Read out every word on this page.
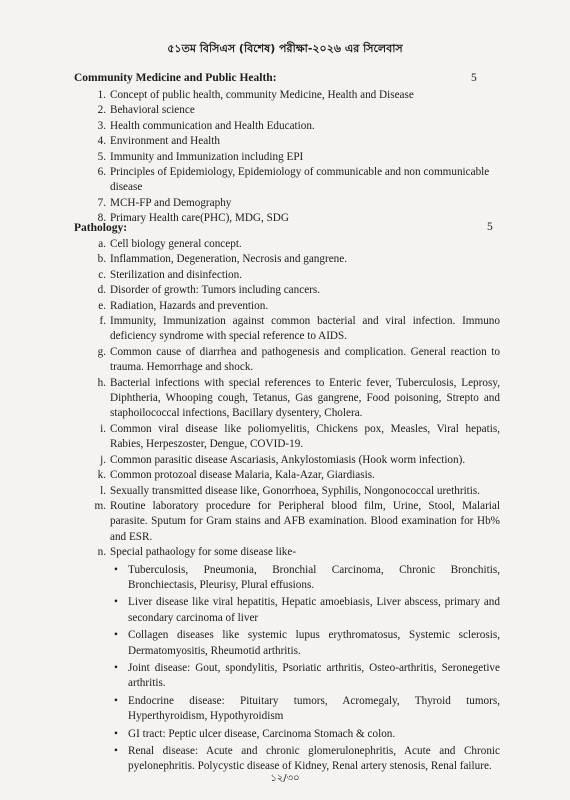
৫১তম বিসিএস (বিশেষ) পরীক্ষা-২০২৬ এর সিলেবাস
Community Medicine and Public Health:	5
1. Concept of public health, community Medicine, Health and Disease
2. Behavioral science
3. Health communication and Health Education.
4. Environment and Health
5. Immunity and Immunization including EPI
6. Principles of Epidemiology, Epidemiology of communicable and non communicable disease
7. MCH-FP and Demography
8. Primary Health care(PHC), MDG, SDG
Pathology:	5
a. Cell biology general concept.
b. Inflammation, Degeneration, Necrosis and gangrene.
c. Sterilization and disinfection.
d. Disorder of growth: Tumors including cancers.
e. Radiation, Hazards and prevention.
f. Immunity, Immunization against common bacterial and viral infection. Immuno deficiency syndrome with special reference to AIDS.
g. Common cause of diarrhea and pathogenesis and complication. General reaction to trauma. Hemorrhage and shock.
h. Bacterial infections with special references to Enteric fever, Tuberculosis, Leprosy, Diphtheria, Whooping cough, Tetanus, Gas gangrene, Food poisoning, Strepto and staphoilococcal infections, Bacillary dysentery, Cholera.
i. Common viral disease like poliomyelitis, Chickens pox, Measles, Viral hepatis, Rabies, Herpeszoster, Dengue, COVID-19.
j. Common parasitic disease Ascariasis, Ankylostomiasis (Hook worm infection).
k. Common protozoal disease Malaria, Kala-Azar, Giardiasis.
l. Sexually transmitted disease like, Gonorrhoea, Syphilis, Nongonococcal urethritis.
m. Routine laboratory procedure for Peripheral blood film, Urine, Stool, Malarial parasite. Sputum for Gram stains and AFB examination. Blood examination for Hb% and ESR.
n. Special pathaology for some disease like-
• Tuberculosis, Pneumonia, Bronchial Carcinoma, Chronic Bronchitis, Bronchiectasis, Pleurisy, Plural effusions.
• Liver disease like viral hepatitis, Hepatic amoebiasis, Liver abscess, primary and secondary carcinoma of liver
• Collagen diseases like systemic lupus erythromatosus, Systemic sclerosis, Dermatomyositis, Rheumotid arthritis.
• Joint disease: Gout, spondylitis, Psoriatic arthritis, Osteo-arthritis, Seronegetive arthritis.
• Endocrine disease: Pituitary tumors, Acromegaly, Thyroid tumors, Hyperthyroidism, Hypothyroidism
• GI tract: Peptic ulcer disease, Carcinoma Stomach & colon.
• Renal disease: Acute and chronic glomerulonephritis, Acute and Chronic pyelonephritis. Polycystic disease of Kidney, Renal artery stenosis, Renal failure.
১২/৩০
